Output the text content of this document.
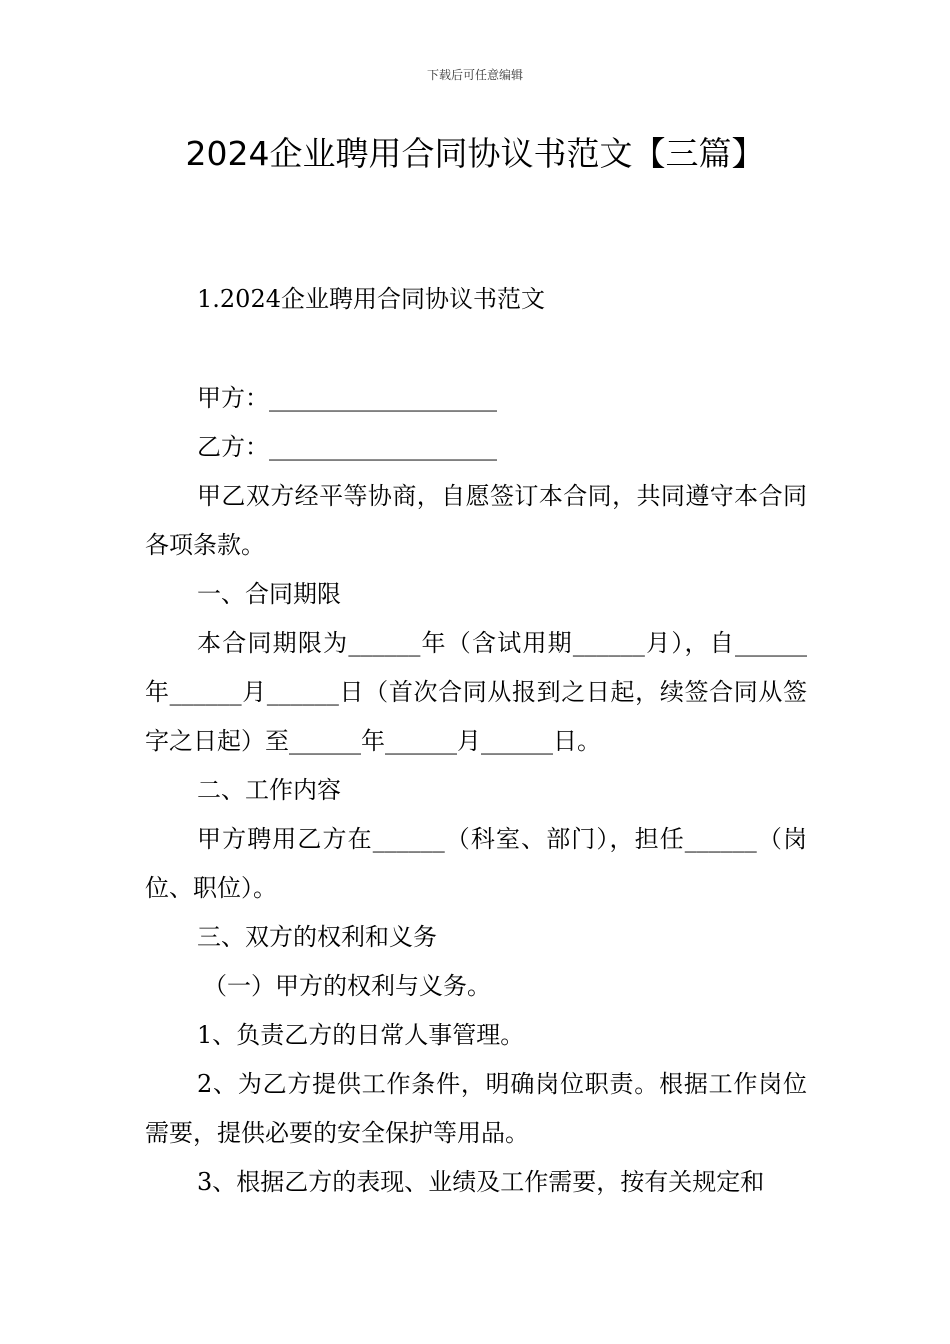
下载后可任意编辑
2024企业聘用合同协议书范文【三篇】

1.2024企业聘用合同协议书范文

甲方：___________________

乙方：___________________

甲乙双方经平等协商，自愿签订本合同，共同遵守本合同各项条款。

一、合同期限

本合同期限为______年（含试用期______月），自______年______月______日（首次合同从报到之日起，续签合同从签字之日起）至______年______月______日。

二、工作内容

甲方聘用乙方在______（科室、部门），担任______（岗位、职位）。

三、双方的权利和义务

（一）甲方的权利与义务。

1、负责乙方的日常人事管理。

2、为乙方提供工作条件，明确岗位职责。根据工作岗位需要，提供必要的安全保护等用品。

3、根据乙方的表现、业绩及工作需要，按有关规定和
